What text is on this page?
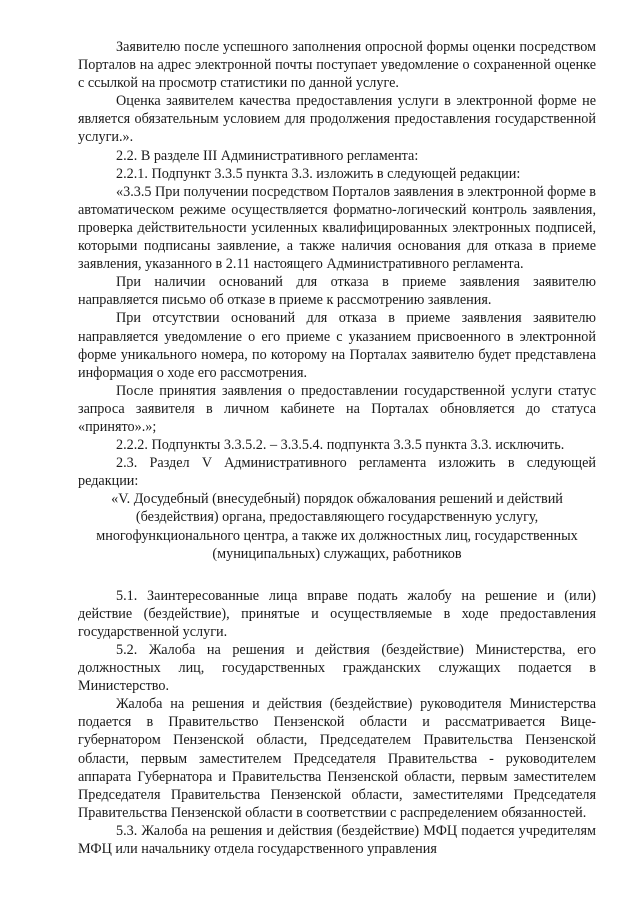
Заявителю после успешного заполнения опросной формы оценки посредством Порталов на адрес электронной почты поступает уведомление о сохраненной оценке с ссылкой на просмотр статистики по данной услуге.

Оценка заявителем качества предоставления услуги в электронной форме не является обязательным условием для продолжения предоставления государственной услуги.».

2.2. В разделе III Административного регламента:

2.2.1. Подпункт 3.3.5 пункта 3.3. изложить в следующей редакции:

«3.3.5 При получении посредством Порталов заявления в электронной форме в автоматическом режиме осуществляется форматно-логический контроль заявления, проверка действительности усиленных квалифицированных электронных подписей, которыми подписаны заявление, а также наличия основания для отказа в приеме заявления, указанного в 2.11 настоящего Административного регламента.

При наличии оснований для отказа в приеме заявления заявителю направляется письмо об отказе в приеме к рассмотрению заявления.

При отсутствии оснований для отказа в приеме заявления заявителю направляется уведомление о его приеме с указанием присвоенного в электронной форме уникального номера, по которому на Порталах заявителю будет представлена информация о ходе его рассмотрения.

После принятия заявления о предоставлении государственной услуги статус запроса заявителя в личном кабинете на Порталах обновляется до статуса «принято».»;

2.2.2. Подпункты 3.3.5.2. – 3.3.5.4. подпункта 3.3.5 пункта 3.3. исключить.

2.3. Раздел V Административного регламента изложить в следующей редакции:

«V. Досудебный (внесудебный) порядок обжалования решений и действий (бездействия) органа, предоставляющего государственную услугу, многофункционального центра, а также их должностных лиц, государственных (муниципальных) служащих, работников

5.1. Заинтересованные лица вправе подать жалобу на решение и (или) действие (бездействие), принятые и осуществляемые в ходе предоставления государственной услуги.

5.2. Жалоба на решения и действия (бездействие) Министерства, его должностных лиц, государственных гражданских служащих подается в Министерство.

Жалоба на решения и действия (бездействие) руководителя Министерства подается в Правительство Пензенской области и рассматривается Вице-губернатором Пензенской области, Председателем Правительства Пензенской области, первым заместителем Председателя Правительства - руководителем аппарата Губернатора и Правительства Пензенской области, первым заместителем Председателя Правительства Пензенской области, заместителями Председателя Правительства Пензенской области в соответствии с распределением обязанностей.

5.3. Жалоба на решения и действия (бездействие) МФЦ подается учредителям МФЦ или начальнику отдела государственного управления
